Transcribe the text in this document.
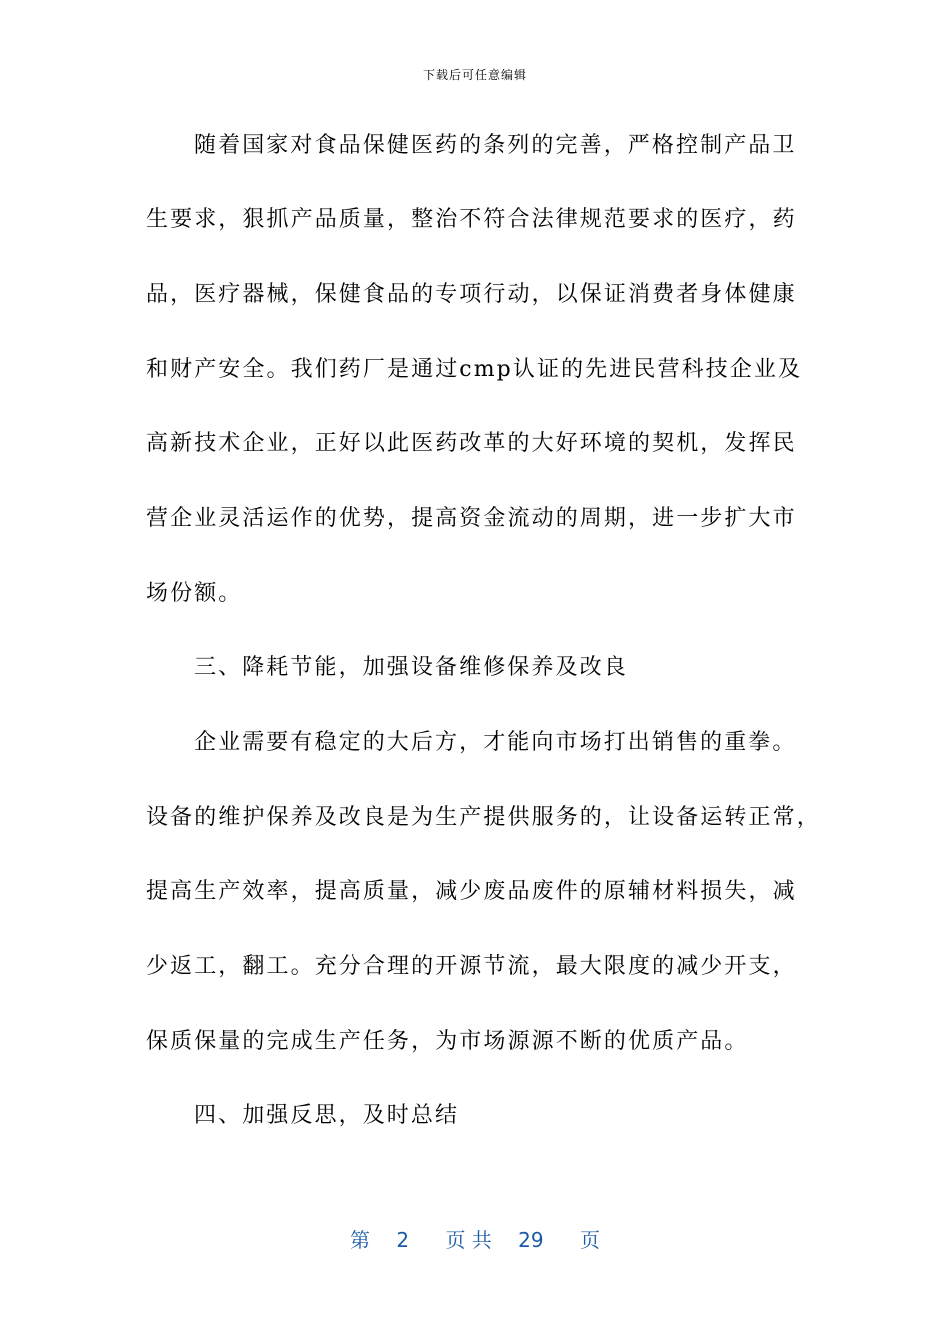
下载后可任意编辑
随着国家对食品保健医药的条列的完善，严格控制产品卫
生要求，狠抓产品质量，整治不符合法律规范要求的医疗，药
品，医疗器械，保健食品的专项行动，以保证消费者身体健康
和财产安全。我们药厂是通过cmp认证的先进民营科技企业及
高新技术企业，正好以此医药改革的大好环境的契机，发挥民
营企业灵活运作的优势，提高资金流动的周期，进一步扩大市
场份额。
三、降耗节能，加强设备维修保养及改良
企业需要有稳定的大后方，才能向市场打出销售的重拳。
设备的维护保养及改良是为生产提供服务的，让设备运转正常，
提高生产效率，提高质量，减少废品废件的原辅材料损失，减
少返工，翻工。充分合理的开源节流，最大限度的减少开支，
保质保量的完成生产任务，为市场源源不断的优质产品。
四、加强反思，及时总结
第 2 页 共 29 页
